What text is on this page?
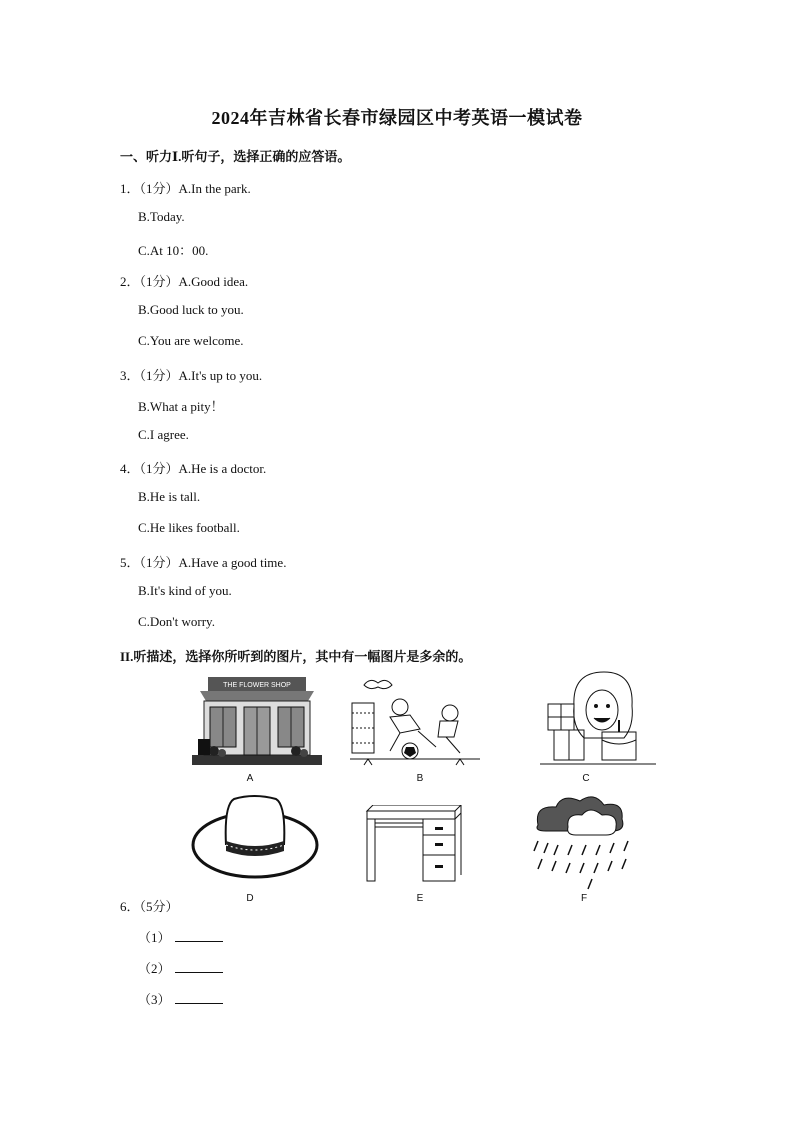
2024年吉林省长春市绿园区中考英语一模试卷
一、听力Ⅰ.听句子，选择正确的应答语。
1．（1分）A.In the park.
B.Today.
C.At 10：00.
2．（1分）A.Good idea.
B.Good luck to you.
C.You are welcome.
3．（1分）A.It's up to you.
B.What a pity！
C.I agree.
4．（1分）A.He is a doctor.
B.He is tall.
C.He likes football.
5．（1分）A.Have a good time.
B.It's kind of you.
C.Don't worry.
II.听描述，选择你所听到的图片，其中有一幅图片是多余的。
THE FLOWER SHOP
A	B	C
D	E	F
6．（5分）
（1）
（2）
（3）
